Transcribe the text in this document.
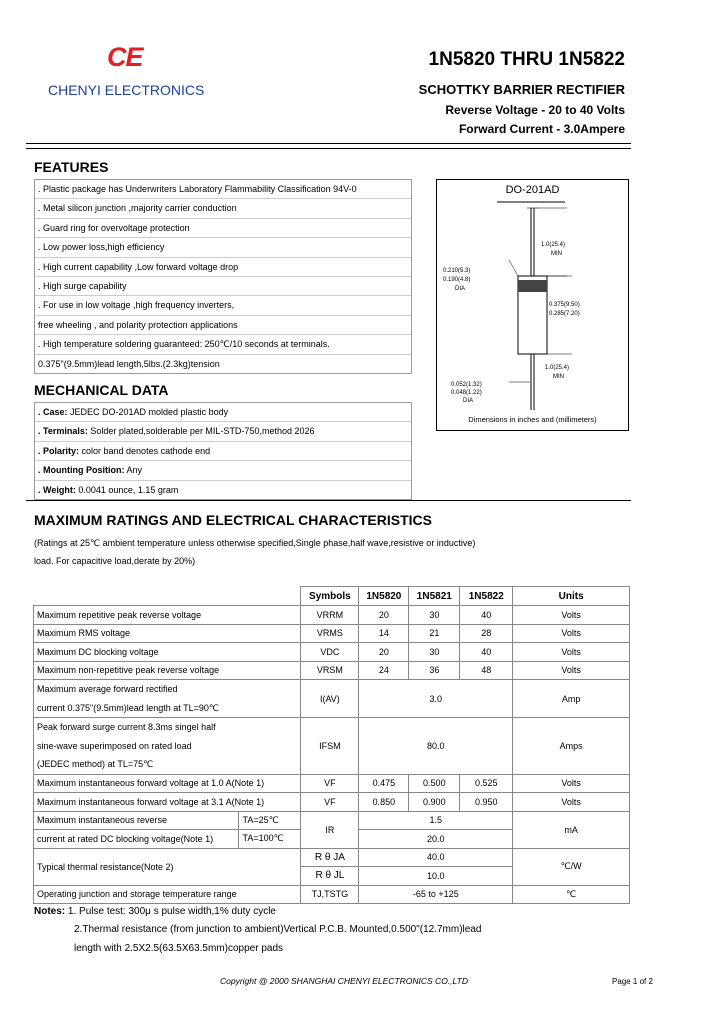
CE
CHENYI ELECTRONICS
1N5820 THRU 1N5822
SCHOTTKY BARRIER RECTIFIER
Reverse Voltage - 20 to 40 Volts
Forward Current - 3.0Ampere
FEATURES
. Plastic package has Underwriters Laboratory Flammability Classification 94V-0
. Metal silicon junction ,majority carrier conduction
. Guard ring for overvoltage protection
. Low power loss,high efficiency
. High current capability ,Low forward voltage drop
. High surge capability
. For use in low voltage ,high frequency inverters,
free wheeling , and polarity protection applications
. High temperature soldering guaranteed: 250℃/10 seconds at terminals.
0.375"(9.5mm)lead length,5lbs.(2.3kg)tension
DO-201AD
1.0(25.4)
MIN
0.210(5.3)
0.190(4.8)
DIA
0.375(9.50)
0.285(7.20)
1.0(25.4)
MIN
0.052(1.32)
0.048(1.22)
DIA
Dimensions in inches and (millimeters)
MECHANICAL DATA
. Case: JEDEC DO-201AD molded plastic body
. Terminals: Solder plated,solderable per MIL-STD-750,method 2026
. Polarity: color band denotes cathode end
. Mounting Position: Any
. Weight: 0.0041 ounce, 1.15 gram
MAXIMUM RATINGS AND ELECTRICAL CHARACTERISTICS
(Ratings at 25℃ ambient temperature unless otherwise specified,Single phase,half wave,resistive or inductive)
load. For capacitive load,derate by 20%)
		Symbols	1N5820	1N5821	1N5822	Units
Maximum repetitive peak reverse voltage		VRRM	20	30	40	Volts
Maximum RMS voltage		VRMS	14	21	28	Volts
Maximum DC blocking voltage		VDC	20	30	40	Volts
Maximum non-repetitive peak reverse voltage		VRSM	24	36	48	Volts

Maximum average forward rectified
current 0.375"(9.5mm)lead length at TL=90℃		I(AV)	3.0			Amp

Peak forward surge current 8.3ms singel half
sine-wave superimposed on rated load
(JEDEC method) at TL=75℃		IFSM	80.0			Amps
Maximum instantaneous forward voltage at 1.0 A(Note 1)		VF	0.475	0.500	0.525	Volts
Maximum instantaneous forward voltage at 3.1 A(Note 1)		VF	0.850	0.900	0.950	Volts
Maximum instantaneous reverse	TA=25℃	IR	1.5			mA
current at rated DC blocking voltage(Note 1)	TA=100℃		20.0			
Typical thermal resistance(Note 2)		R θ JA	40.0			℃/W
		R θ JL	10.0			
Operating junction and storage temperature range		TJ,TSTG	-65 to +125			℃
Notes: 1. Pulse test: 300μ s pulse width,1% duty cycle
2.Thermal resistance (from junction to ambient)Vertical P.C.B. Mounted,0.500"(12.7mm)lead
length with 2.5X2.5(63.5X63.5mm)copper pads
Copyright @ 2000 SHANGHAI CHENYI ELECTRONICS CO.,LTD	Page 1 of 2
